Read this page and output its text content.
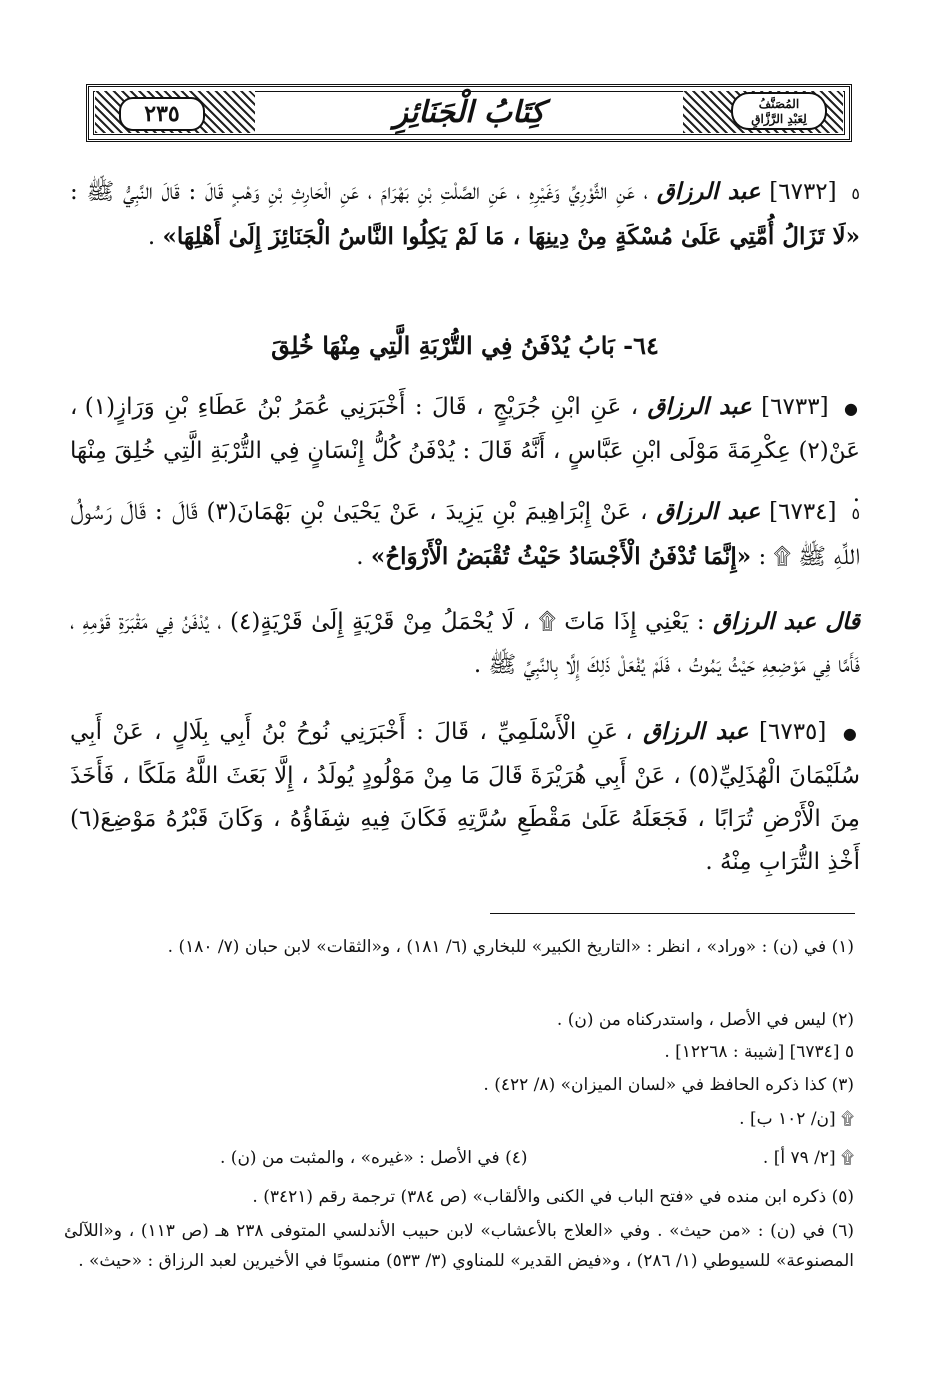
٢٣٥	كِتَابُ الْجَنَائِزِ	المُصَنَّفُ
لِعَبْدِ الرَّزَّاقِ
٥ [٦٧٣٢] عبد الرزاق ، عَنِ الثَّوْرِيِّ وَغَيْرِهِ ، عَنِ الصَّلْتِ بْنِ بَهْرَامَ ، عَنِ الْحَارِثِ بْنِ وَهْبٍ قَالَ : قَالَ النَّبِيُّ ﷺ : «لَا تَزَالُ أُمَّتِي عَلَىٰ مُسْكَةٍ مِنْ دِينِهَا ، مَا لَمْ يَكِلُوا النَّاسُ الْجَنَائِزَ إِلَىٰ أَهْلِهَا» .
٦٤- بَابُ يُدْفَنُ فِي التُّرْبَةِ الَّتِي مِنْهَا خُلِقَ
● [٦٧٣٣] عبد الرزاق ، عَنِ ابْنِ جُرَيْجٍ ، قَالَ : أَخْبَرَنِي عُمَرُ بْنُ عَطَاءِ بْنِ وَرَازٍ(١) ، عَنْ(٢) عِكْرِمَةَ مَوْلَى ابْنِ عَبَّاسٍ ، أَنَّهُ قَالَ : يُدْفَنُ كُلُّ إِنْسَانٍ فِي التُّرْبَةِ الَّتِي خُلِقَ مِنْهَا .
٥ [٦٧٣٤] عبد الرزاق ، عَنْ إِبْرَاهِيمَ بْنِ يَزِيدَ ، عَنْ يَحْيَىٰ بْنِ بَهْمَانَ(٣) قَالَ : قَالَ رَسُولُ اللَّهِ ﷺ ۩ : «إِنَّمَا تُدْفَنُ الْأَجْسَادُ حَيْثُ تُقْبَضُ الْأَرْوَاحُ» .
قال عبد الرزاق : يَعْنِي إِذَا مَاتَ ۩ ، لَا يُحْمَلُ مِنْ قَرْيَةٍ إِلَىٰ قَرْيَةٍ(٤) ، يُدْفَنُ فِي مَقْبَرَةِ قَوْمِهِ ، فَأَمَّا فِي مَوْضِعِهِ حَيْثُ يَمُوتُ ، فَلَمْ يُفْعَلْ ذَلِكَ إِلَّا بِالنَّبِيِّ ﷺ .
● [٦٧٣٥] عبد الرزاق ، عَنِ الْأَسْلَمِيِّ ، قَالَ : أَخْبَرَنِي نُوحُ بْنُ أَبِي بِلَالٍ ، عَنْ أَبِي سُلَيْمَانَ الْهُذَلِيِّ(٥) ، عَنْ أَبِي هُرَيْرَةَ قَالَ مَا مِنْ مَوْلُودٍ يُولَدُ ، إِلَّا بَعَثَ اللَّهُ مَلَكًا ، فَأَخَذَ مِنَ الْأَرْضِ تُرَابًا ، فَجَعَلَهُ عَلَىٰ مَقْطَعِ سُرَّتِهِ فَكَانَ فِيهِ شِفَاؤُهُ ، وَكَانَ قَبْرُهُ مَوْضِعَ(٦) أَخْذِ التُّرَابِ مِنْهُ .
(١) في (ن) : «وراد» ، انظر : «التاريخ الكبير» للبخاري (٦/ ١٨١) ، و«الثقات» لابن حبان (٧/ ١٨٠) .
(٢) ليس في الأصل ، واستدركناه من (ن) .
٥ [٦٧٣٤] [شيبة : ١٢٢٦٨] .
(٣) كذا ذكره الحافظ في «لسان الميزان» (٨/ ٤٢٢) .
۩ [ن/ ١٠٢ ب] .
۩ [٢/ ٧٩ أ] . (٤) في الأصل : «غيره» ، والمثبت من (ن) .
(٥) ذكره ابن منده في «فتح الباب في الكنى والألقاب» (ص ٣٨٤) ترجمة رقم (٣٤٢١) .
(٦) في (ن) : «من حيث» . وفي «العلاج بالأعشاب» لابن حبيب الأندلسي المتوفى ٢٣٨ هـ (ص ١١٣) ، و«اللآلئ المصنوعة» للسيوطي (١/ ٢٨٦) ، و«فيض القدير» للمناوي (٣/ ٥٣٣) منسوبًا في الأخيرين لعبد الرزاق : «حيث» .
